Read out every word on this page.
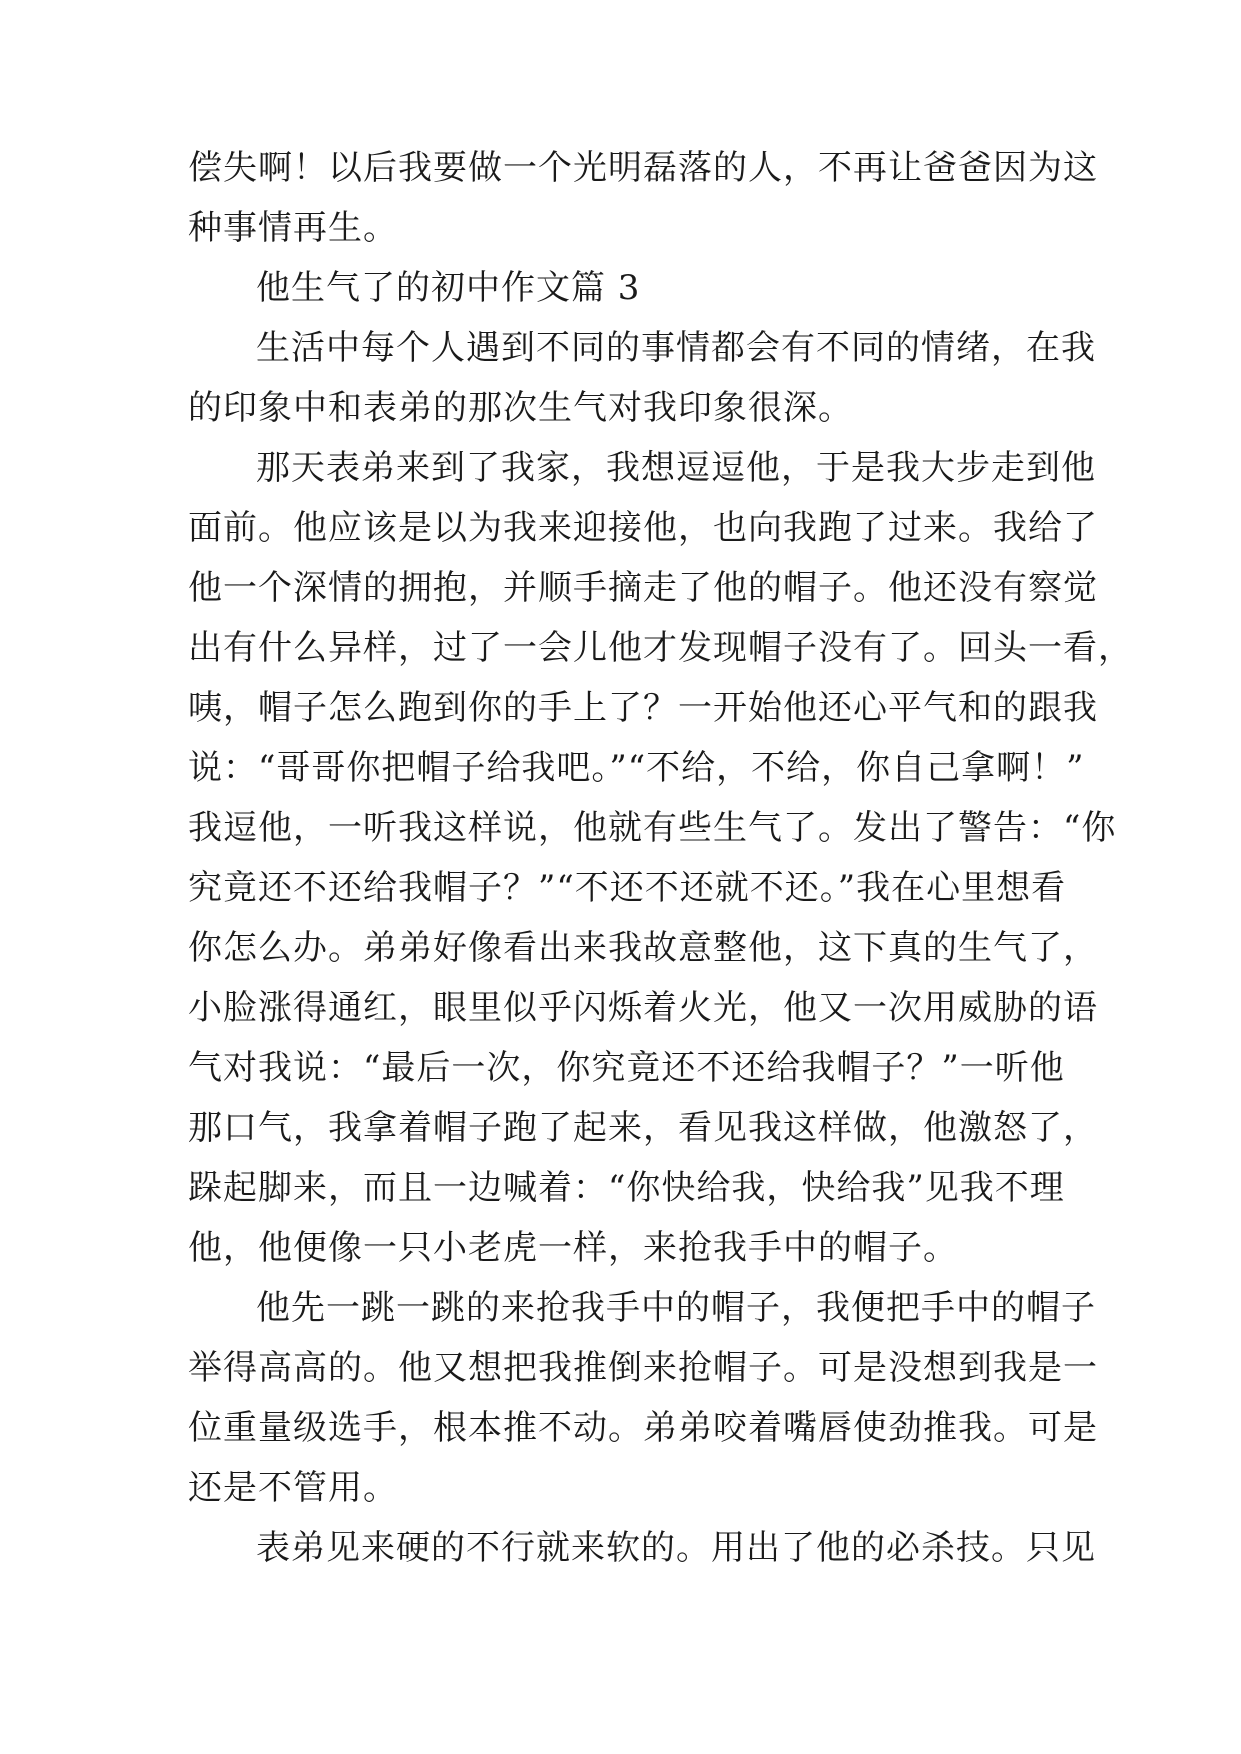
偿失啊！以后我要做一个光明磊落的人，不再让爸爸因为这
种事情再生。
他生气了的初中作文篇 3
生活中每个人遇到不同的事情都会有不同的情绪，在我
的印象中和表弟的那次生气对我印象很深。
那天表弟来到了我家，我想逗逗他，于是我大步走到他
面前。他应该是以为我来迎接他，也向我跑了过来。我给了
他一个深情的拥抱，并顺手摘走了他的帽子。他还没有察觉
出有什么异样，过了一会儿他才发现帽子没有了。回头一看，
咦，帽子怎么跑到你的手上了？一开始他还心平气和的跟我
说：“哥哥你把帽子给我吧。”“不给，不给，你自己拿啊！”
我逗他，一听我这样说，他就有些生气了。发出了警告：“你
究竟还不还给我帽子？”“不还不还就不还。”我在心里想看
你怎么办。弟弟好像看出来我故意整他，这下真的生气了，
小脸涨得通红，眼里似乎闪烁着火光，他又一次用威胁的语
气对我说：“最后一次，你究竟还不还给我帽子？”一听他
那口气，我拿着帽子跑了起来，看见我这样做，他激怒了，
跺起脚来，而且一边喊着：“你快给我，快给我”见我不理
他，他便像一只小老虎一样，来抢我手中的帽子。
他先一跳一跳的来抢我手中的帽子，我便把手中的帽子
举得高高的。他又想把我推倒来抢帽子。可是没想到我是一
位重量级选手，根本推不动。弟弟咬着嘴唇使劲推我。可是
还是不管用。
表弟见来硬的不行就来软的。用出了他的必杀技。只见
